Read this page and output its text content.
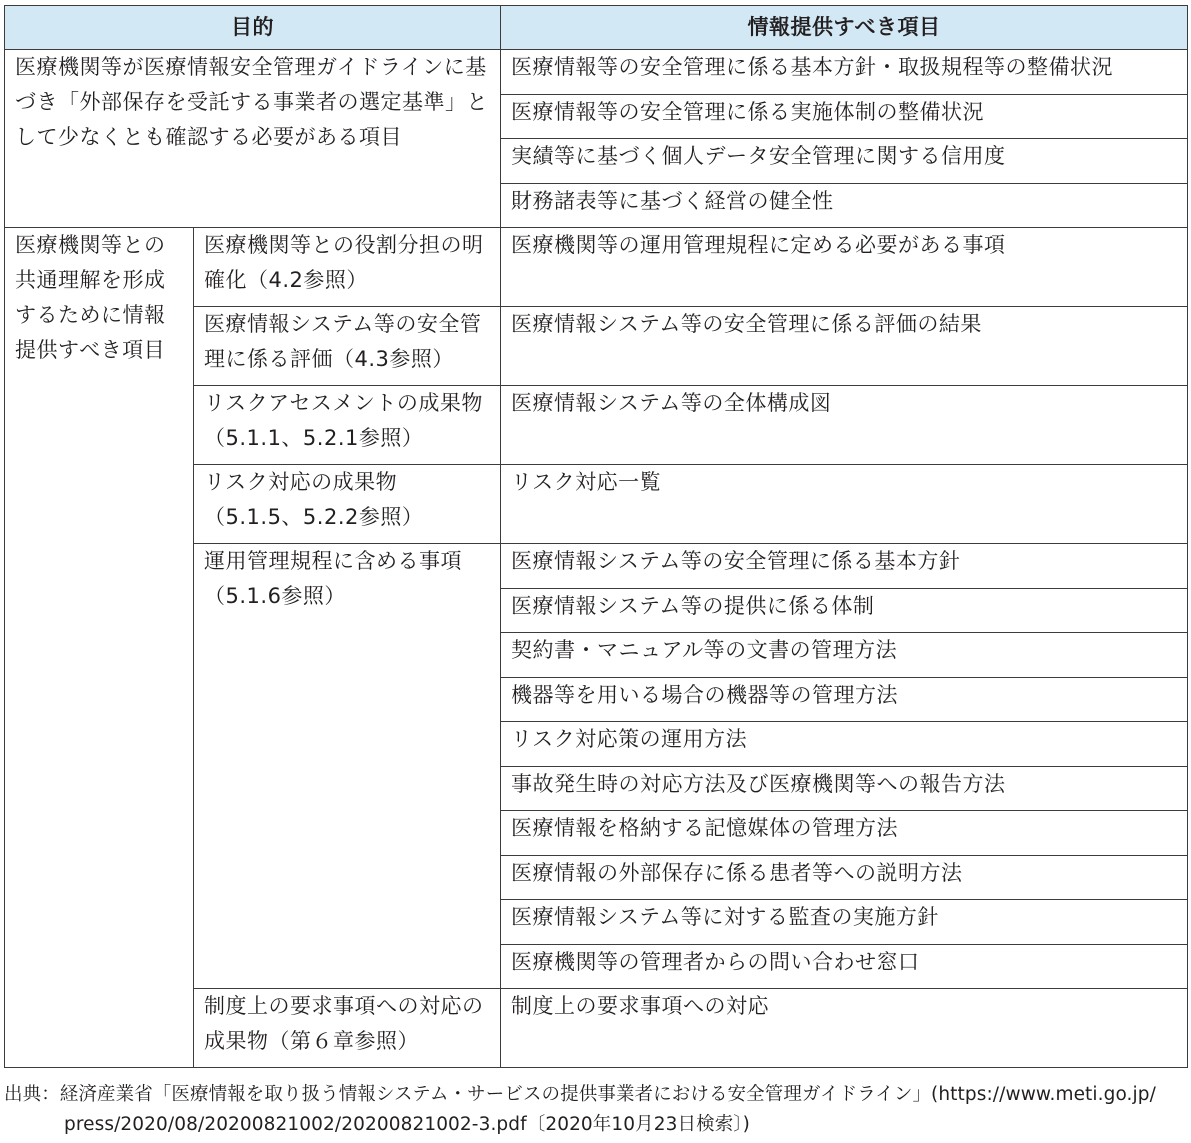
目的		情報提供すべき項目
医療機関等が医療情報安全管理ガイドラインに基づき「外部保存を受託する事業者の選定基準」として少なくとも確認する必要がある項目		医療情報等の安全管理に係る基本方針・取扱規程等の整備状況
		医療情報等の安全管理に係る実施体制の整備状況
		実績等に基づく個人データ安全管理に関する信用度
		財務諸表等に基づく経営の健全性
医療機関等との共通理解を形成するために情報提供すべき項目	医療機関等との役割分担の明確化（4.2参照）	医療機関等の運用管理規程に定める必要がある事項
	医療情報システム等の安全管理に係る評価（4.3参照）	医療情報システム等の安全管理に係る評価の結果
	リスクアセスメントの成果物（5.1.1、5.2.1参照）	医療情報システム等の全体構成図
	リスク対応の成果物（5.1.5、5.2.2参照）	リスク対応一覧
	運用管理規程に含める事項（5.1.6参照）	医療情報システム等の安全管理に係る基本方針
		医療情報システム等の提供に係る体制
		契約書・マニュアル等の文書の管理方法
		機器等を用いる場合の機器等の管理方法
		リスク対応策の運用方法
		事故発生時の対応方法及び医療機関等への報告方法
		医療情報を格納する記憶媒体の管理方法
		医療情報の外部保存に係る患者等への説明方法
		医療情報システム等に対する監査の実施方針
		医療機関等の管理者からの問い合わせ窓口
	制度上の要求事項への対応の成果物（第６章参照）	制度上の要求事項への対応
出典：経済産業省「医療情報を取り扱う情報システム・サービスの提供事業者における安全管理ガイドライン」(https://www.meti.go.jp/
press/2020/08/20200821002/20200821002-3.pdf〔2020年10月23日検索〕)
